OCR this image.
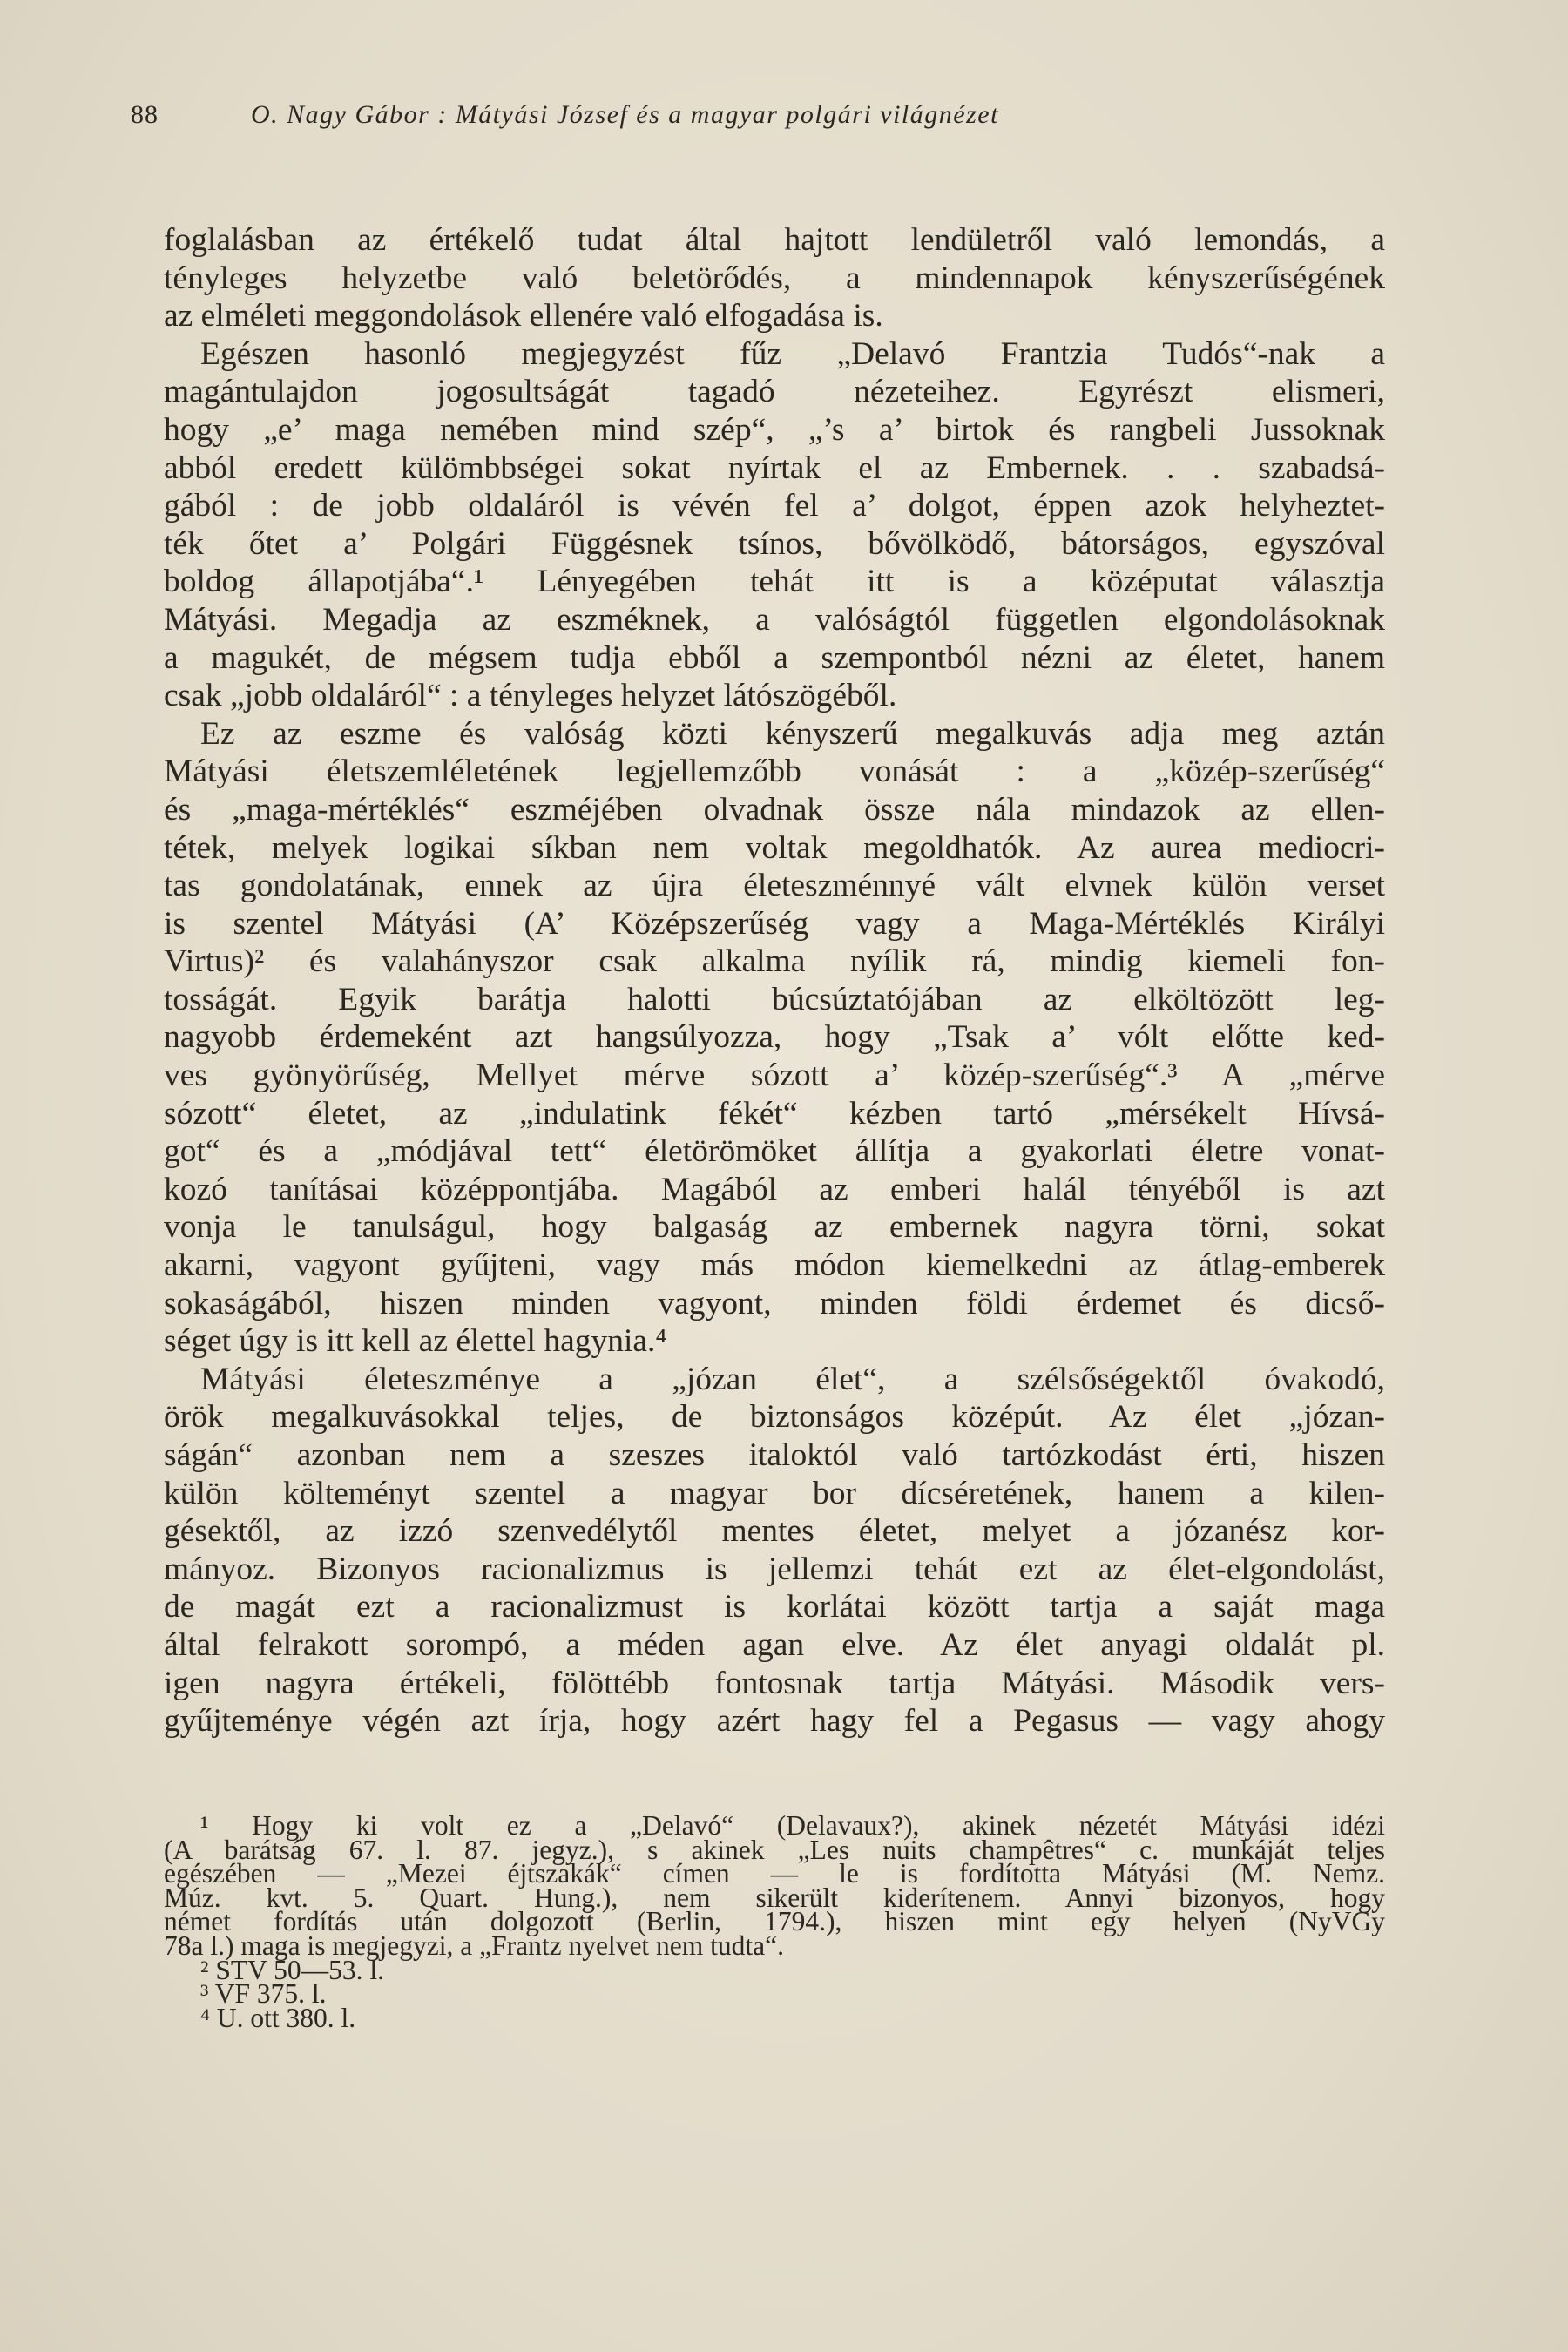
88	O. Nagy Gábor : Mátyási József és a magyar polgári világnézet
foglalásban az értékelő tudat által hajtott lendületről való lemondás, a
tényleges helyzetbe való beletörődés, a mindennapok kényszerűségének
az elméleti meggondolások ellenére való elfogadása is.
Egészen hasonló megjegyzést fűz „Delavó Frantzia Tudós“-nak a
magántulajdon jogosultságát tagadó nézeteihez. Egyrészt elismeri,
hogy „e’ maga nemében mind szép“, „’s a’ birtok és rangbeli Jussoknak
abból eredett külömbbségei sokat nyírtak el az Embernek. . . szabadsá-
gából : de jobb oldaláról is vévén fel a’ dolgot, éppen azok helyheztet-
ték őtet a’ Polgári Függésnek tsínos, bővölködő, bátorságos, egyszóval
boldog állapotjába“.¹ Lényegében tehát itt is a középutat választja
Mátyási. Megadja az eszméknek, a valóságtól független elgondolásoknak
a magukét, de mégsem tudja ebből a szempontból nézni az életet, hanem
csak „jobb oldaláról“ : a tényleges helyzet látószögéből.
Ez az eszme és valóság közti kényszerű megalkuvás adja meg aztán
Mátyási életszemléletének legjellemzőbb vonását : a „közép-szerűség“
és „maga-mértéklés“ eszméjében olvadnak össze nála mindazok az ellen-
tétek, melyek logikai síkban nem voltak megoldhatók. Az aurea mediocri-
tas gondolatának, ennek az újra életeszménnyé vált elvnek külön verset
is szentel Mátyási (A’ Középszerűség vagy a Maga-Mértéklés Királyi
Virtus)² és valahányszor csak alkalma nyílik rá, mindig kiemeli fon-
tosságát. Egyik barátja halotti búcsúztatójában az elköltözött leg-
nagyobb érdemeként azt hangsúlyozza, hogy „Tsak a’ vólt előtte ked-
ves gyönyörűség, Mellyet mérve sózott a’ közép-szerűség“.³ A „mérve
sózott“ életet, az „indulatink fékét“ kézben tartó „mérsékelt Hívsá-
got“ és a „módjával tett“ életörömöket állítja a gyakorlati életre vonat-
kozó tanításai középpontjába. Magából az emberi halál tényéből is azt
vonja le tanulságul, hogy balgaság az embernek nagyra törni, sokat
akarni, vagyont gyűjteni, vagy más módon kiemelkedni az átlag-emberek
sokaságából, hiszen minden vagyont, minden földi érdemet és dicső-
séget úgy is itt kell az élettel hagynia.⁴
Mátyási életeszménye a „józan élet“, a szélsőségektől óvakodó,
örök megalkuvásokkal teljes, de biztonságos középút. Az élet „józan-
ságán“ azonban nem a szeszes italoktól való tartózkodást érti, hiszen
külön költeményt szentel a magyar bor dícséretének, hanem a kilen-
gésektől, az izzó szenvedélytől mentes életet, melyet a józanész kor-
mányoz. Bizonyos racionalizmus is jellemzi tehát ezt az élet-elgondolást,
de magát ezt a racionalizmust is korlátai között tartja a saját maga
által felrakott sorompó, a méden agan elve. Az élet anyagi oldalát pl.
igen nagyra értékeli, fölöttébb fontosnak tartja Mátyási. Második vers-
gyűjteménye végén azt írja, hogy azért hagy fel a Pegasus — vagy ahogy
¹ Hogy ki volt ez a „Delavó“ (Delavaux?), akinek nézetét Mátyási idézi
(A barátság 67. l. 87. jegyz.), s akinek „Les nuits champêtres“ c. munkáját teljes
egészében — „Mezei éjtszakák“ címen — le is fordította Mátyási (M. Nemz.
Múz. kvt. 5. Quart. Hung.), nem sikerült kiderítenem. Annyi bizonyos, hogy
német fordítás után dolgozott (Berlin, 1794.), hiszen mint egy helyen (NyVGy
78a l.) maga is megjegyzi, a „Frantz nyelvet nem tudta“.
² STV 50—53. l.
³ VF 375. l.
⁴ U. ott 380. l.
